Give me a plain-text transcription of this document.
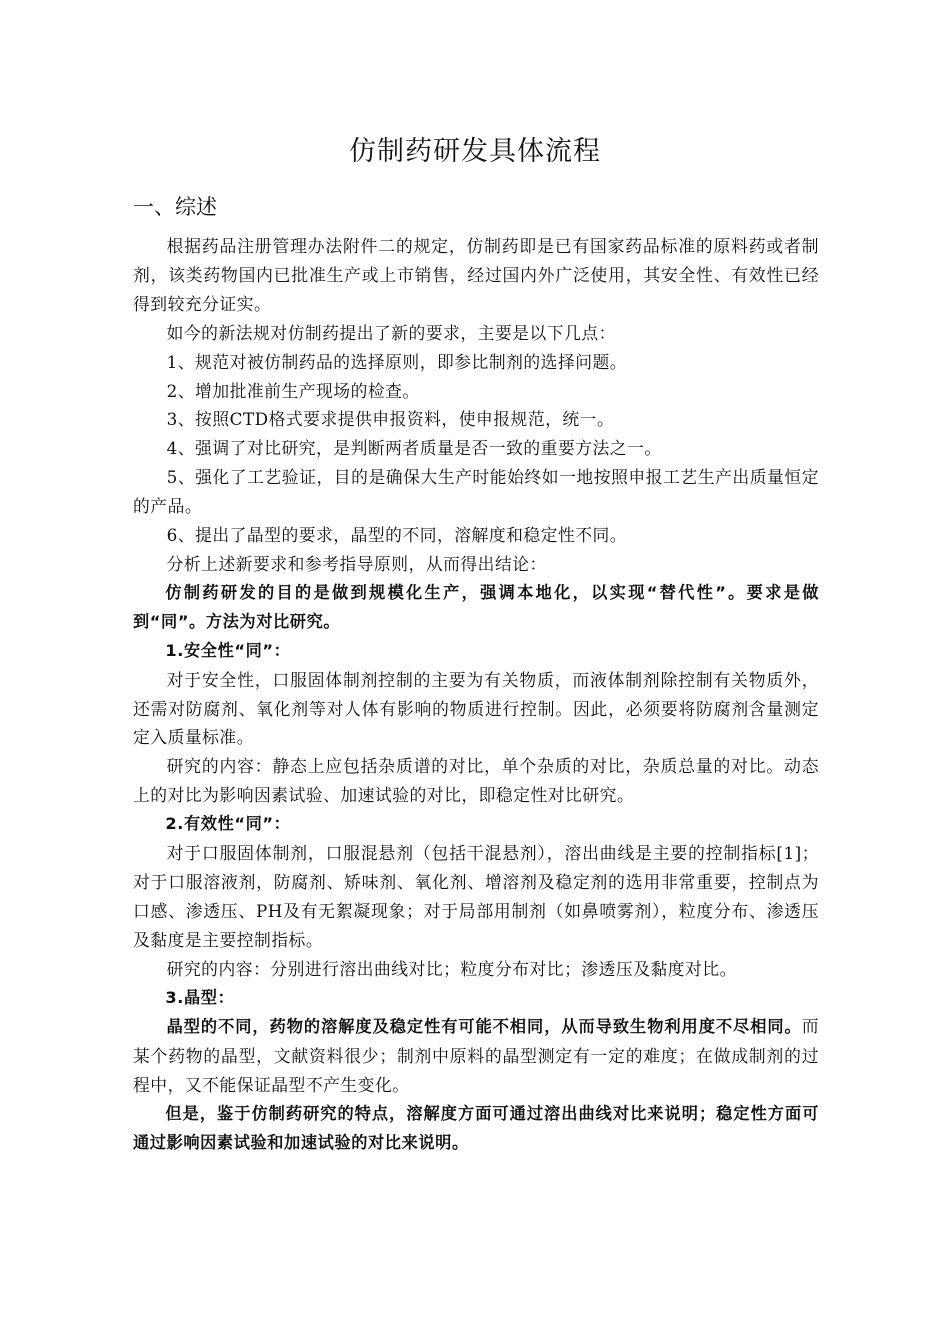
仿制药研发具体流程
一、综述

根据药品注册管理办法附件二的规定，仿制药即是已有国家药品标准的原料药或者制剂，该类药物国内已批准生产或上市销售，经过国内外广泛使用，其安全性、有效性已经得到较充分证实。

如今的新法规对仿制药提出了新的要求，主要是以下几点：

1、规范对被仿制药品的选择原则，即参比制剂的选择问题。

2、增加批准前生产现场的检查。

3、按照CTD格式要求提供申报资料，使申报规范，统一。

4、强调了对比研究，是判断两者质量是否一致的重要方法之一。

5、强化了工艺验证，目的是确保大生产时能始终如一地按照申报工艺生产出质量恒定的产品。

6、提出了晶型的要求，晶型的不同，溶解度和稳定性不同。

分析上述新要求和参考指导原则，从而得出结论：

仿制药研发的目的是做到规模化生产，强调本地化，以实现“替代性”。要求是做到“同”。方法为对比研究。

1.安全性“同”：

对于安全性，口服固体制剂控制的主要为有关物质，而液体制剂除控制有关物质外，还需对防腐剂、氧化剂等对人体有影响的物质进行控制。因此，必须要将防腐剂含量测定定入质量标准。

研究的内容：静态上应包括杂质谱的对比，单个杂质的对比，杂质总量的对比。动态上的对比为影响因素试验、加速试验的对比，即稳定性对比研究。

2.有效性“同”：

对于口服固体制剂，口服混悬剂（包括干混悬剂），溶出曲线是主要的控制指标[1]；对于口服溶液剂，防腐剂、矫味剂、氧化剂、增溶剂及稳定剂的选用非常重要，控制点为口感、渗透压、PH及有无絮凝现象；对于局部用制剂（如鼻喷雾剂），粒度分布、渗透压及黏度是主要控制指标。

研究的内容：分别进行溶出曲线对比；粒度分布对比；渗透压及黏度对比。

3.晶型：

晶型的不同，药物的溶解度及稳定性有可能不相同，从而导致生物利用度不尽相同。而某个药物的晶型，文献资料很少；制剂中原料的晶型测定有一定的难度；在做成制剂的过程中，又不能保证晶型不产生变化。

但是，鉴于仿制药研究的特点，溶解度方面可通过溶出曲线对比来说明；稳定性方面可通过影响因素试验和加速试验的对比来说明。
